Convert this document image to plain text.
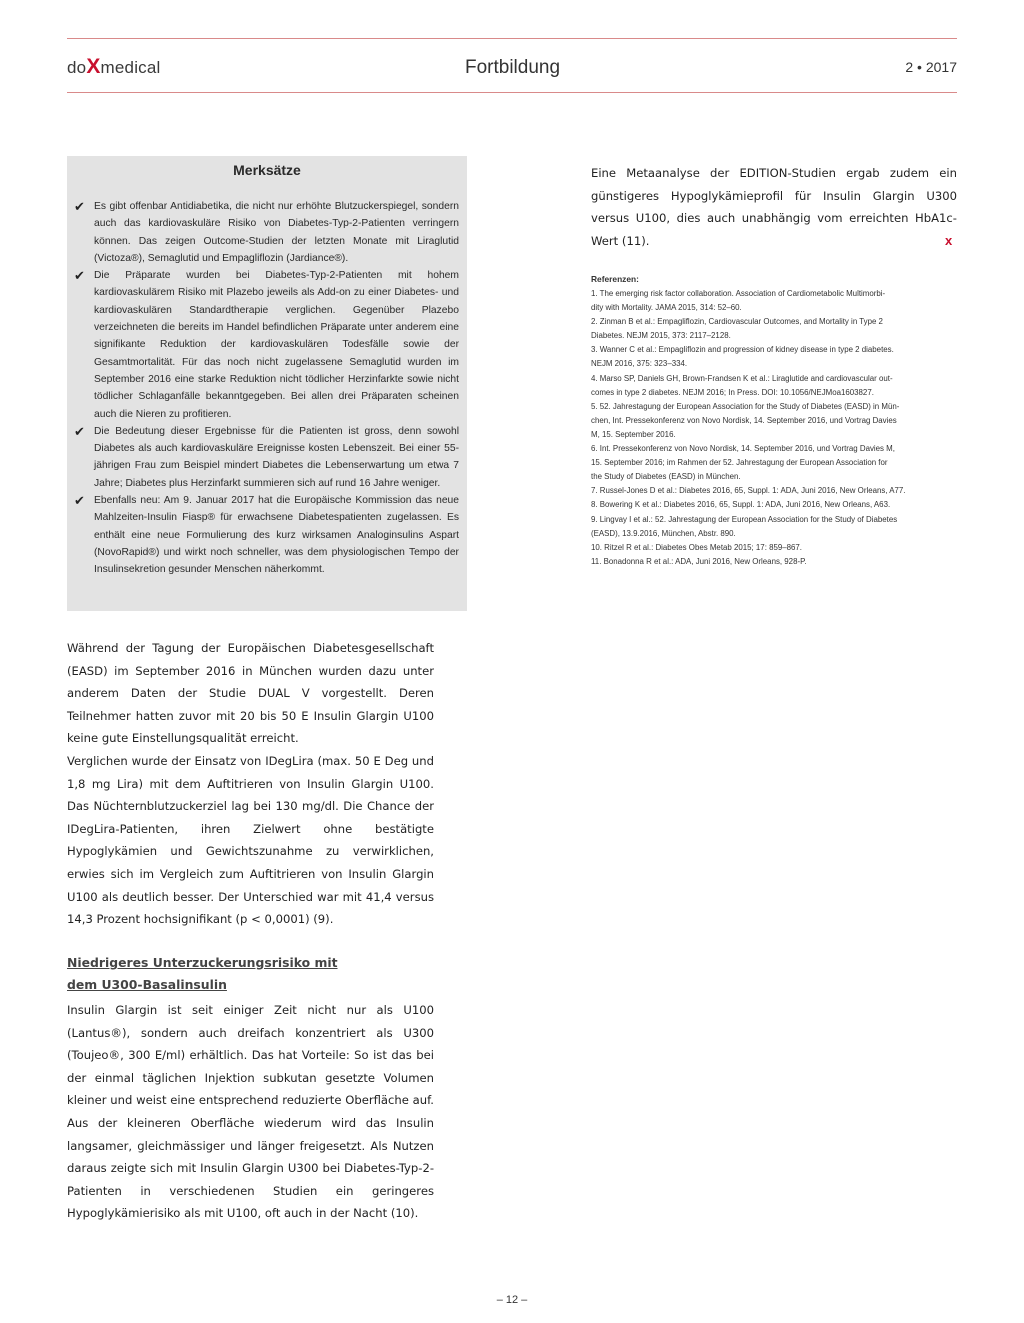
doXmedical	Fortbildung	2 • 2017
Merksätze
✔ Es gibt offenbar Antidiabetika, die nicht nur erhöhte Blutzuckerspiegel, sondern auch das kardiovaskuläre Risiko von Diabetes-Typ-2-Patienten verringern können. Das zeigen Outcome-Studien der letzten Monate mit Liraglutid (Victoza®), Semaglutid und Empagliflozin (Jardiance®).
✔ Die Präparate wurden bei Diabetes-Typ-2-Patienten mit hohem kardiovaskulärem Risiko mit Plazebo jeweils als Add-on zu einer Diabetes- und kardiovaskulären Standardtherapie verglichen. Gegenüber Plazebo verzeichneten die bereits im Handel befindlichen Präparate unter anderem eine signifikante Reduktion der kardiovaskulären Todesfälle sowie der Gesamtmortalität. Für das noch nicht zugelassene Semaglutid wurden im September 2016 eine starke Reduktion nicht tödlicher Herzinfarkte sowie nicht tödlicher Schlaganfälle bekanntgegeben. Bei allen drei Präparaten scheinen auch die Nieren zu profitieren.
✔ Die Bedeutung dieser Ergebnisse für die Patienten ist gross, denn sowohl Diabetes als auch kardiovaskuläre Ereignisse kosten Lebenszeit. Bei einer 55-jährigen Frau zum Beispiel mindert Diabetes die Lebenserwartung um etwa 7 Jahre; Diabetes plus Herzinfarkt summieren sich auf rund 16 Jahre weniger.
✔ Ebenfalls neu: Am 9. Januar 2017 hat die Europäische Kommission das neue Mahlzeiten-Insulin Fiasp® für erwachsene Diabetespatienten zugelassen. Es enthält eine neue Formulierung des kurz wirksamen Analoginsulins Aspart (NovoRapid®) und wirkt noch schneller, was dem physiologischen Tempo der Insulinsekretion gesunder Menschen näherkommt.

Während der Tagung der Europäischen Diabetesgesellschaft (EASD) im September 2016 in München wurden dazu unter anderem Daten der Studie DUAL V vorgestellt. Deren Teilnehmer hatten zuvor mit 20 bis 50 E Insulin Glargin U100 keine gute Einstellungsqualität erreicht.

Verglichen wurde der Einsatz von IDegLira (max. 50 E Deg und 1,8 mg Lira) mit dem Auftitrieren von Insulin Glargin U100. Das Nüchternblutzuckerziel lag bei 130 mg/dl. Die Chance der IDegLira-Patienten, ihren Zielwert ohne bestätigte Hypoglykämien und Gewichtszunahme zu verwirklichen, erwies sich im Vergleich zum Auftitrieren von Insulin Glargin U100 als deutlich besser. Der Unterschied war mit 41,4 versus 14,3 Prozent hochsignifikant (p < 0,0001) (9).

Niedrigeres Unterzuckerungsrisiko mit dem U300-Basalinsulin

Insulin Glargin ist seit einiger Zeit nicht nur als U100 (Lantus®), sondern auch dreifach konzentriert als U300 (Toujeo®, 300 E/ml) erhältlich. Das hat Vorteile: So ist das bei der einmal täglichen Injektion subkutan gesetzte Volumen kleiner und weist eine entsprechend reduzierte Oberfläche auf. Aus der kleineren Oberfläche wiederum wird das Insulin langsamer, gleichmässiger und länger freigesetzt. Als Nutzen daraus zeigte sich mit Insulin Glargin U300 bei Diabetes-Typ-2-Patienten in verschiedenen Studien ein geringeres Hypoglykämierisiko als mit U100, oft auch in der Nacht (10).

Eine Metaanalyse der EDITION-Studien ergab zudem ein günstigeres Hypoglykämieprofil für Insulin Glargin U300 versus U100, dies auch unabhängig vom erreichten HbA1c-Wert (11).	x
Referenzen:
1. The emerging risk factor collaboration. Association of Cardiometabolic Multimorbi-
dity with Mortality. JAMA 2015, 314: 52–60.
2. Zinman B et al.: Empagliflozin, Cardiovascular Outcomes, and Mortality in Type 2
Diabetes. NEJM 2015, 373: 2117–2128.
3. Wanner C et al.: Empagliflozin and progression of kidney disease in type 2 diabetes.
NEJM 2016, 375: 323–334.
4. Marso SP, Daniels GH, Brown-Frandsen K et al.: Liraglutide and cardiovascular out-
comes in type 2 diabetes. NEJM 2016; In Press. DOI: 10.1056/NEJMoa1603827.
5. 52. Jahrestagung der European Association for the Study of Diabetes (EASD) in Mün-
chen, Int. Pressekonferenz von Novo Nordisk, 14. September 2016, und Vortrag Davies
M, 15. September 2016.
6. Int. Pressekonferenz von Novo Nordisk, 14. September 2016, und Vortrag Davies M,
15. September 2016; im Rahmen der 52. Jahrestagung der European Association for
the Study of Diabetes (EASD) in München.
7. Russel-Jones D et al.: Diabetes 2016, 65, Suppl. 1: ADA, Juni 2016, New Orleans, A77.
8. Bowering K et al.: Diabetes 2016, 65, Suppl. 1: ADA, Juni 2016, New Orleans, A63.
9. Lingvay I et al.: 52. Jahrestagung der European Association for the Study of Diabetes
(EASD), 13.9.2016, München, Abstr. 890.
10. Ritzel R et al.: Diabetes Obes Metab 2015; 17: 859–867.
11. Bonadonna R et al.: ADA, Juni 2016, New Orleans, 928-P.
– 12 –
